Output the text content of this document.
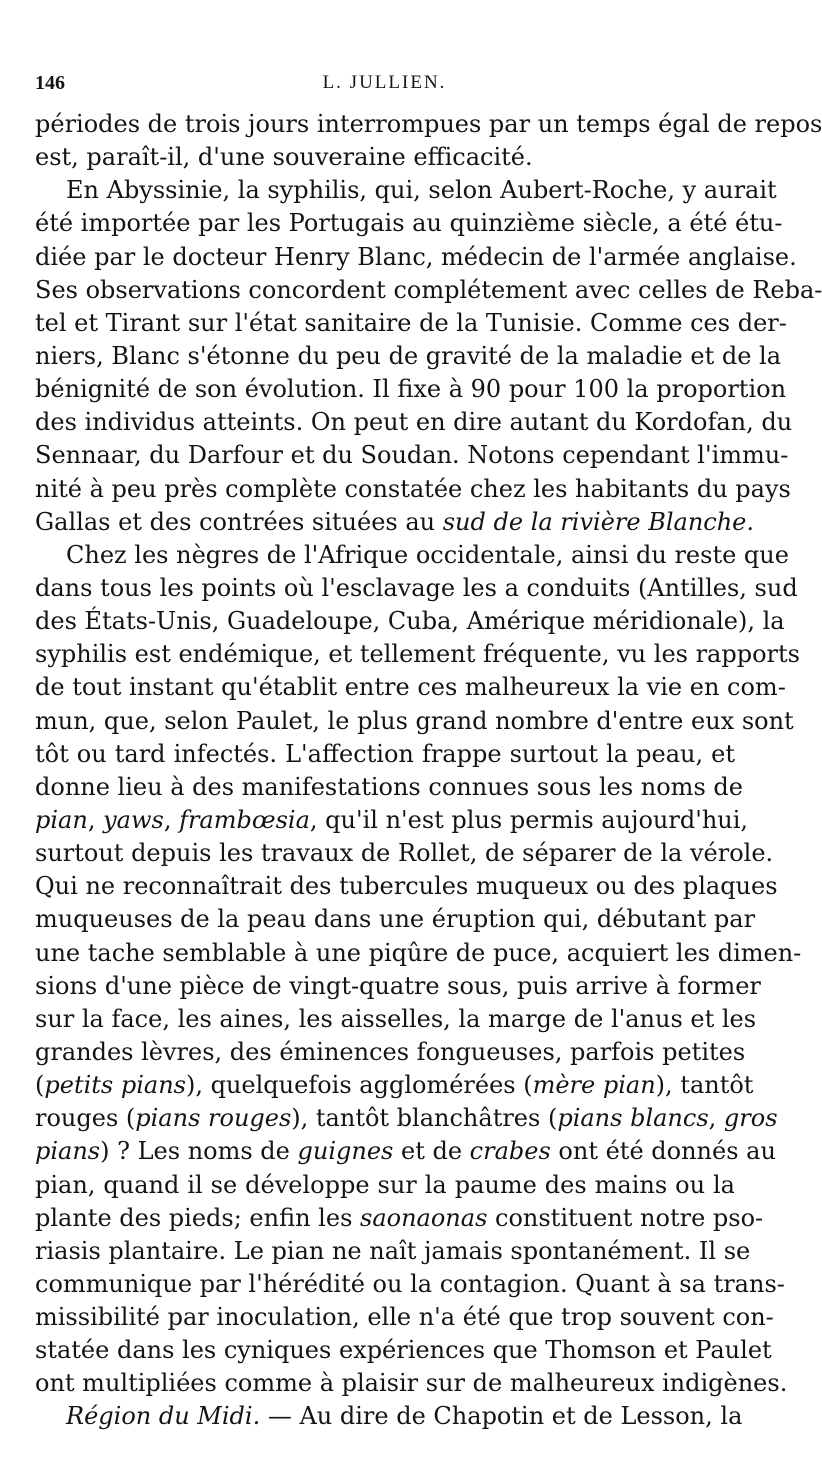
146	L. JULLIEN.
périodes de trois jours interrompues par un temps égal de repos
est, paraît-il, d'une souveraine efficacité.
En Abyssinie, la syphilis, qui, selon Aubert-Roche, y aurait
été importée par les Portugais au quinzième siècle, a été étu-
diée par le docteur Henry Blanc, médecin de l'armée anglaise.
Ses observations concordent complétement avec celles de Reba-
tel et Tirant sur l'état sanitaire de la Tunisie. Comme ces der-
niers, Blanc s'étonne du peu de gravité de la maladie et de la
bénignité de son évolution. Il fixe à 90 pour 100 la proportion
des individus atteints. On peut en dire autant du Kordofan, du
Sennaar, du Darfour et du Soudan. Notons cependant l'immu-
nité à peu près complète constatée chez les habitants du pays
Gallas et des contrées situées au sud de la rivière Blanche.
Chez les nègres de l'Afrique occidentale, ainsi du reste que
dans tous les points où l'esclavage les a conduits (Antilles, sud
des États-Unis, Guadeloupe, Cuba, Amérique méridionale), la
syphilis est endémique, et tellement fréquente, vu les rapports
de tout instant qu'établit entre ces malheureux la vie en com-
mun, que, selon Paulet, le plus grand nombre d'entre eux sont
tôt ou tard infectés. L'affection frappe surtout la peau, et
donne lieu à des manifestations connues sous les noms de
pian, yaws, frambœsia, qu'il n'est plus permis aujourd'hui,
surtout depuis les travaux de Rollet, de séparer de la vérole.
Qui ne reconnaîtrait des tubercules muqueux ou des plaques
muqueuses de la peau dans une éruption qui, débutant par
une tache semblable à une piqûre de puce, acquiert les dimen-
sions d'une pièce de vingt-quatre sous, puis arrive à former
sur la face, les aines, les aisselles, la marge de l'anus et les
grandes lèvres, des éminences fongueuses, parfois petites
(petits pians), quelquefois agglomérées (mère pian), tantôt
rouges (pians rouges), tantôt blanchâtres (pians blancs, gros
pians) ? Les noms de guignes et de crabes ont été donnés au
pian, quand il se développe sur la paume des mains ou la
plante des pieds; enfin les saonaonas constituent notre pso-
riasis plantaire. Le pian ne naît jamais spontanément. Il se
communique par l'hérédité ou la contagion. Quant à sa trans-
missibilité par inoculation, elle n'a été que trop souvent con-
statée dans les cyniques expériences que Thomson et Paulet
ont multipliées comme à plaisir sur de malheureux indigènes.
Région du Midi. — Au dire de Chapotin et de Lesson, la
